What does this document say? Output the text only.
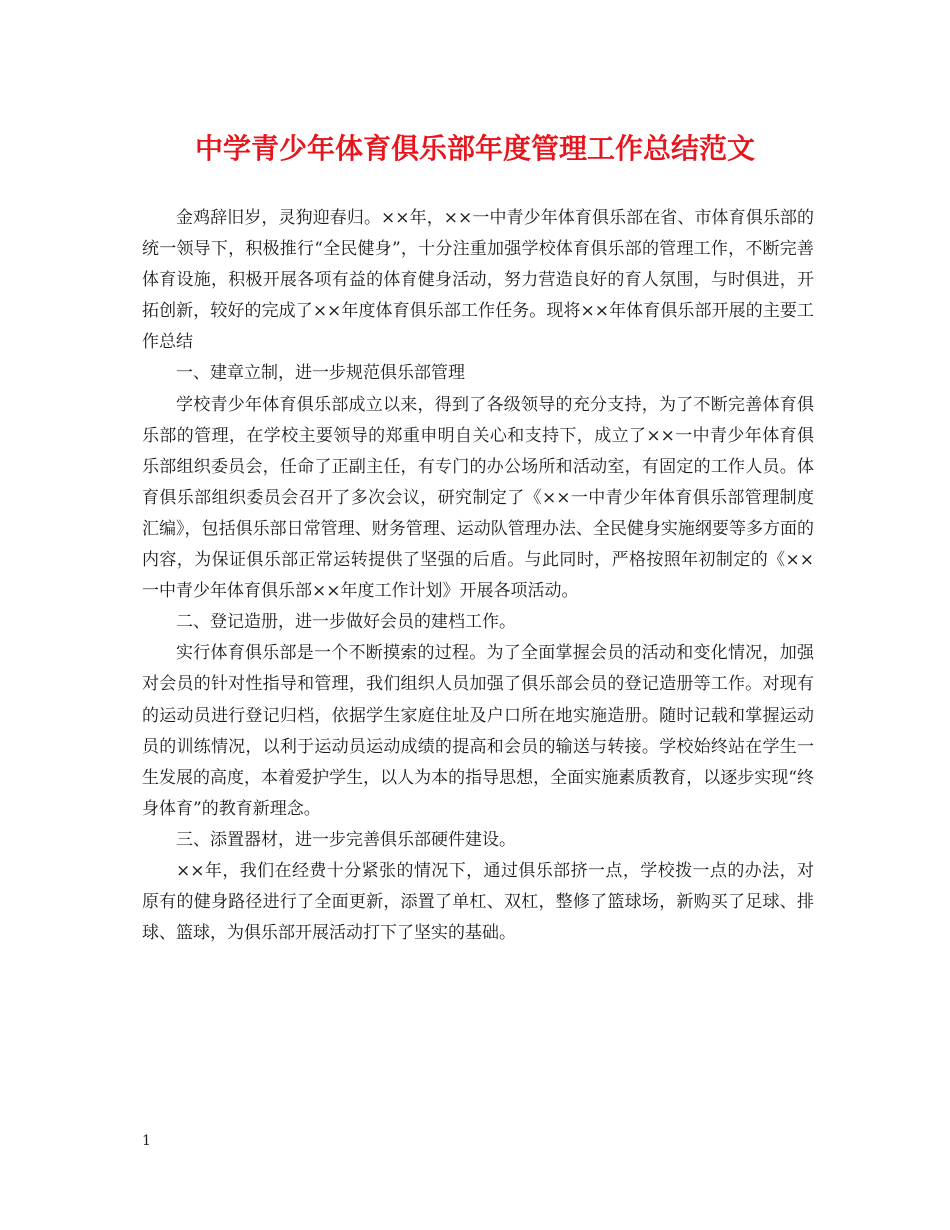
中学青少年体育俱乐部年度管理工作总结范文

金鸡辞旧岁，灵狗迎春归。××年，××一中青少年体育俱乐部在省、市体育俱乐部的统一领导下，积极推行“全民健身”，十分注重加强学校体育俱乐部的管理工作，不断完善体育设施，积极开展各项有益的体育健身活动，努力营造良好的育人氛围，与时俱进，开拓创新，较好的完成了××年度体育俱乐部工作任务。现将××年体育俱乐部开展的主要工作总结

一、建章立制，进一步规范俱乐部管理

学校青少年体育俱乐部成立以来，得到了各级领导的充分支持，为了不断完善体育俱乐部的管理，在学校主要领导的郑重申明自关心和支持下，成立了××一中青少年体育俱乐部组织委员会，任命了正副主任，有专门的办公场所和活动室，有固定的工作人员。体育俱乐部组织委员会召开了多次会议，研究制定了《××一中青少年体育俱乐部管理制度汇编》，包括俱乐部日常管理、财务管理、运动队管理办法、全民健身实施纲要等多方面的内容，为保证俱乐部正常运转提供了坚强的后盾。与此同时，严格按照年初制定的《××一中青少年体育俱乐部××年度工作计划》开展各项活动。

二、登记造册，进一步做好会员的建档工作。

实行体育俱乐部是一个不断摸索的过程。为了全面掌握会员的活动和变化情况，加强对会员的针对性指导和管理，我们组织人员加强了俱乐部会员的登记造册等工作。对现有的运动员进行登记归档，依据学生家庭住址及户口所在地实施造册。随时记载和掌握运动员的训练情况，以利于运动员运动成绩的提高和会员的输送与转接。学校始终站在学生一生发展的高度，本着爱护学生，以人为本的指导思想，全面实施素质教育，以逐步实现“终身体育”的教育新理念。

三、添置器材，进一步完善俱乐部硬件建设。

××年，我们在经费十分紧张的情况下，通过俱乐部挤一点，学校拨一点的办法，对原有的健身路径进行了全面更新，添置了单杠、双杠，整修了篮球场，新购买了足球、排球、篮球，为俱乐部开展活动打下了坚实的基础。

1
